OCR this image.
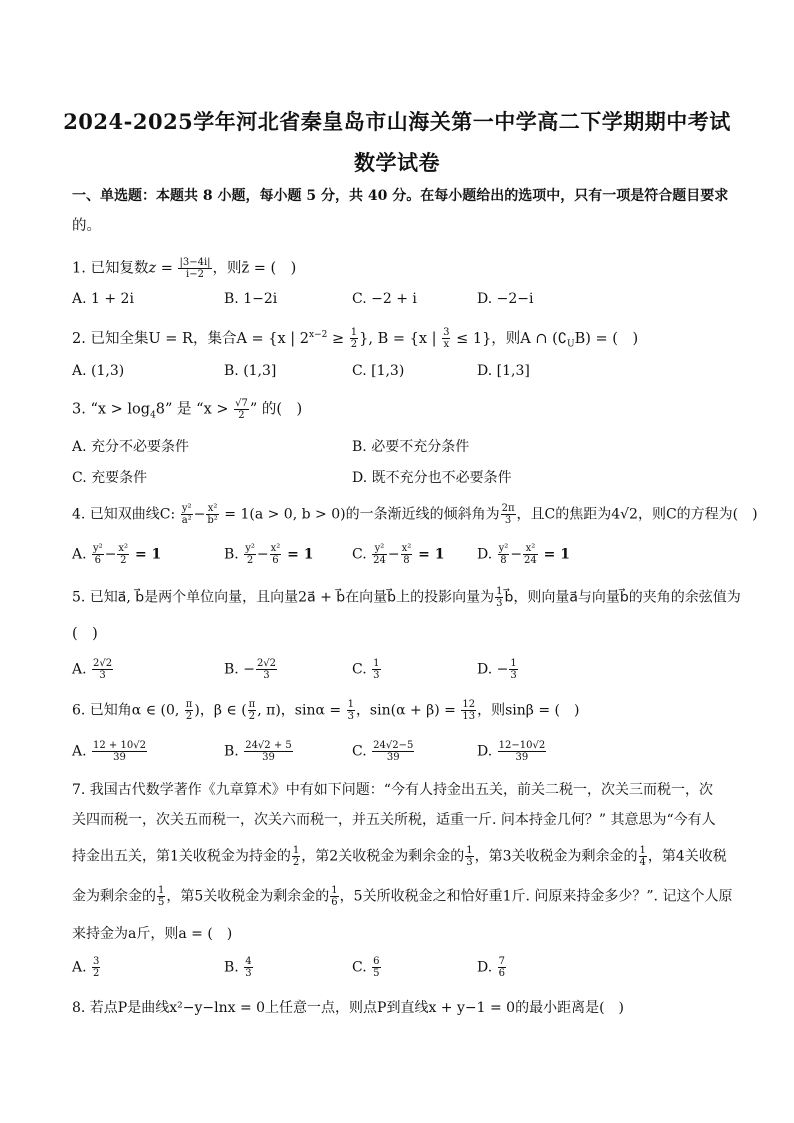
2024-2025学年河北省秦皇岛市山海关第一中学高二下学期期中考试
数学试卷
一、单选题：本题共 8 小题，每小题 5 分，共 40 分。在每小题给出的选项中，只有一项是符合题目要求
的。
1. 已知复数$z = \frac{|3-4i|}{i-2}$ ，则z̄ = (　)
A. 1 + 2i	B. 1−2i	C. −2 + i	D. −2−i
2. 已知全集U = R，集合A = {x | $2^{x-2} \ge \frac{1}{2}$ }, B = {x | $\frac{3}{x} \le 1$}，则A ∩ $(∁_UB)$ = (　)
A. (1,3)	B. (1,3]	C. [1,3)	D. [1,3]
3. “$x > \log_48$” 是 “$x > \frac{√7}{2}$ ” 的(　)
A. 充分不必要条件	B. 必要不充分条件
C. 充要条件	D. 既不充分也不必要条件
4. 已知双曲线C: $\frac{\text{y²}}{\text{a²}} - \frac{\text{x²}}{\text{b²}} = 1(a > 0$, b > 0)的一条渐近线的倾斜角为 $\frac{2\pi}{3}$ ，且C的焦距为4√2，则C的方程为(　)
A. $\frac{\text{y²}}{6} - \frac{\text{x²}}{2} = 1$	B. $\frac{\text{y²}}{2} - \frac{\text{x²}}{6} = 1$	C. $\frac{\text{y²}}{24} - \frac{\text{x²}}{8} = 1$ D. $\frac{\text{y²}}{8} - \frac{\text{x²}}{24} = 1$
5. 已知a⃗, b⃗是两个单位向量，且向量2a⃗ + b⃗在向量b⃗上的投影向量为 $\frac{1}{3}$ b⃗，则向量a⃗与向量b⃗的夹角的余弦值为
(　)
A. $\frac{2√2}{3}$	B. − $\frac{2√2}{3}$	C. $\frac{1}{3}$	D. − $\frac{1}{3}$
6. 已知角α ∈ (0, $\frac{\pi}{2}$ )，β ∈ ( $\frac{\pi}{2}$ , π)，$\sin\alpha = \frac{1}{3}$ ，$\sin(\alpha + \beta) = \frac{12}{13}$ ，则sinβ = (　)
A. $\frac{12 + 10√2}{39}$	B. $\frac{24√2 + 5}{39}$	C. $\frac{24√2-5}{39}$	D. $\frac{12-10√2}{39}$
7. 我国古代数学著作《九章算术》中有如下问题：“今有人持金出五关，前关二税一，次关三而税一，次
关四而税一，次关五而税一，次关六而税一，并五关所税，适重一斤. 问本持金几何？” 其意思为“今有人
持金出五关，第1关收税金为持金的 $\frac{1}{2}$ ，第2关收税金为剩余金的 $\frac{1}{3}$ ，第3关收税金为剩余金的 $\frac{1}{4}$ ，第4关收税
金为剩余金的 $\frac{1}{5}$ ，第5关收税金为剩余金的 $\frac{1}{6}$ ，5关所收税金之和恰好重1斤. 问原来持金多少？”. 记这个人原
来持金为a斤，则a = (　)
A. $\frac{3}{2}$	B. $\frac{4}{3}$	C. $\frac{6}{5}$	D. $\frac{7}{6}$
8. 若点P是曲线x²−y−lnx = 0上任意一点，则点P到直线x + y−1 = 0的最小距离是(　)
